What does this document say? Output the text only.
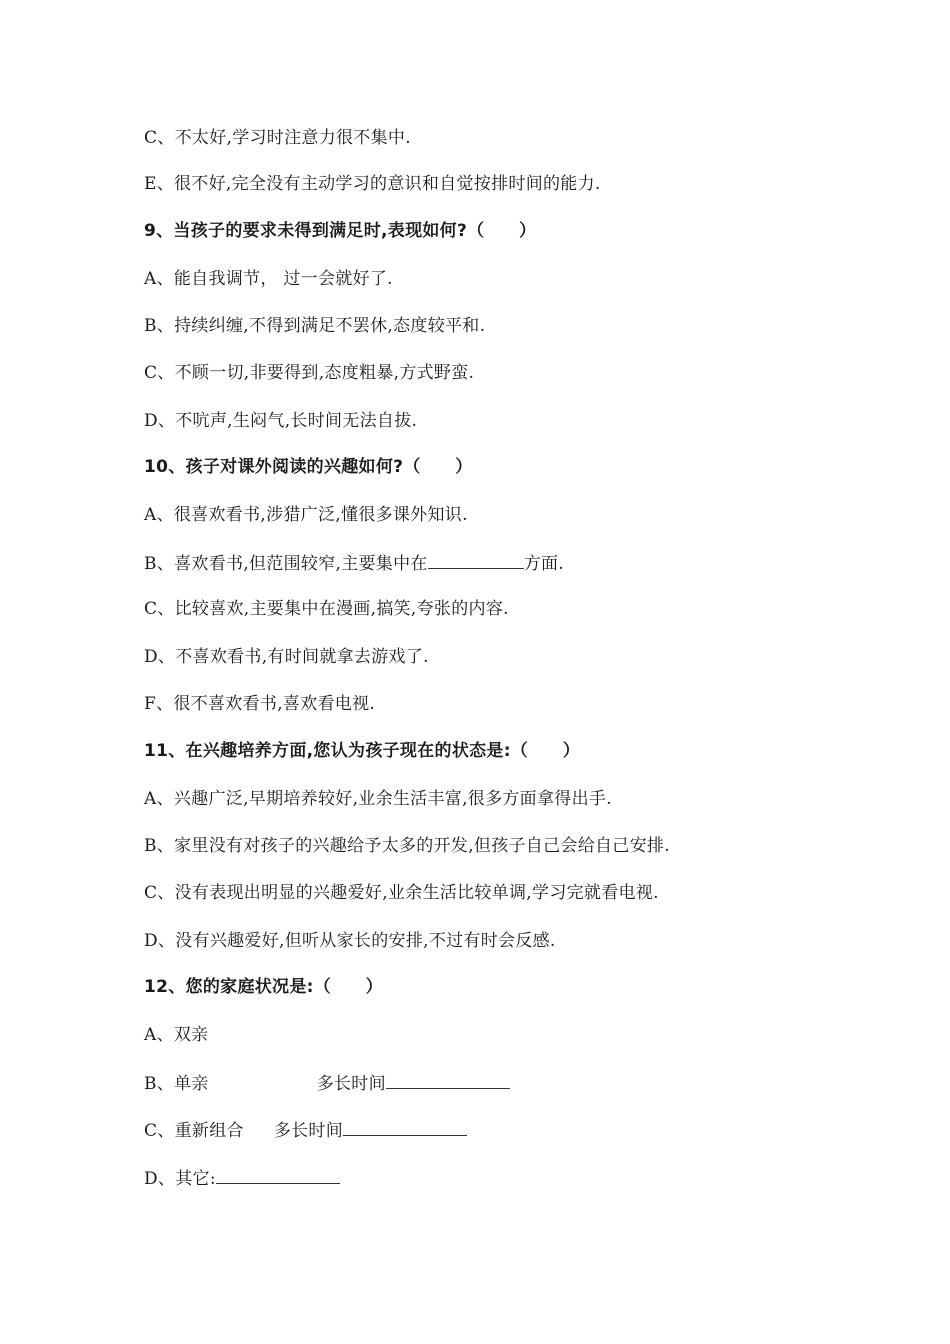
C、不太好,学习时注意力很不集中.
E、很不好,完全没有主动学习的意识和自觉按排时间的能力.
9、当孩子的要求未得到满足时,表现如何?（　　）
A、能自我调节， 过一会就好了.
B、持续纠缠,不得到满足不罢休,态度较平和.
C、不顾一切,非要得到,态度粗暴,方式野蛮.
D、不吭声,生闷气,长时间无法自拔.
10、孩子对课外阅读的兴趣如何?（　　）
A、很喜欢看书,涉猎广泛,懂很多课外知识.
B、喜欢看书,但范围较窄,主要集中在	方面.
C、比较喜欢,主要集中在漫画,搞笑,夸张的内容.
D、不喜欢看书,有时间就拿去游戏了.
F、很不喜欢看书,喜欢看电视.
11、在兴趣培养方面,您认为孩子现在的状态是:（　　）
A、兴趣广泛,早期培养较好,业余生活丰富,很多方面拿得出手.
B、家里没有对孩子的兴趣给予太多的开发,但孩子自己会给自己安排.
C、没有表现出明显的兴趣爱好,业余生活比较单调,学习完就看电视.
D、没有兴趣爱好,但听从家长的安排,不过有时会反感.
12、您的家庭状况是:（　　）
A、双亲
B、单亲	多长时间
C、重新组合 多长时间
D、其它:
